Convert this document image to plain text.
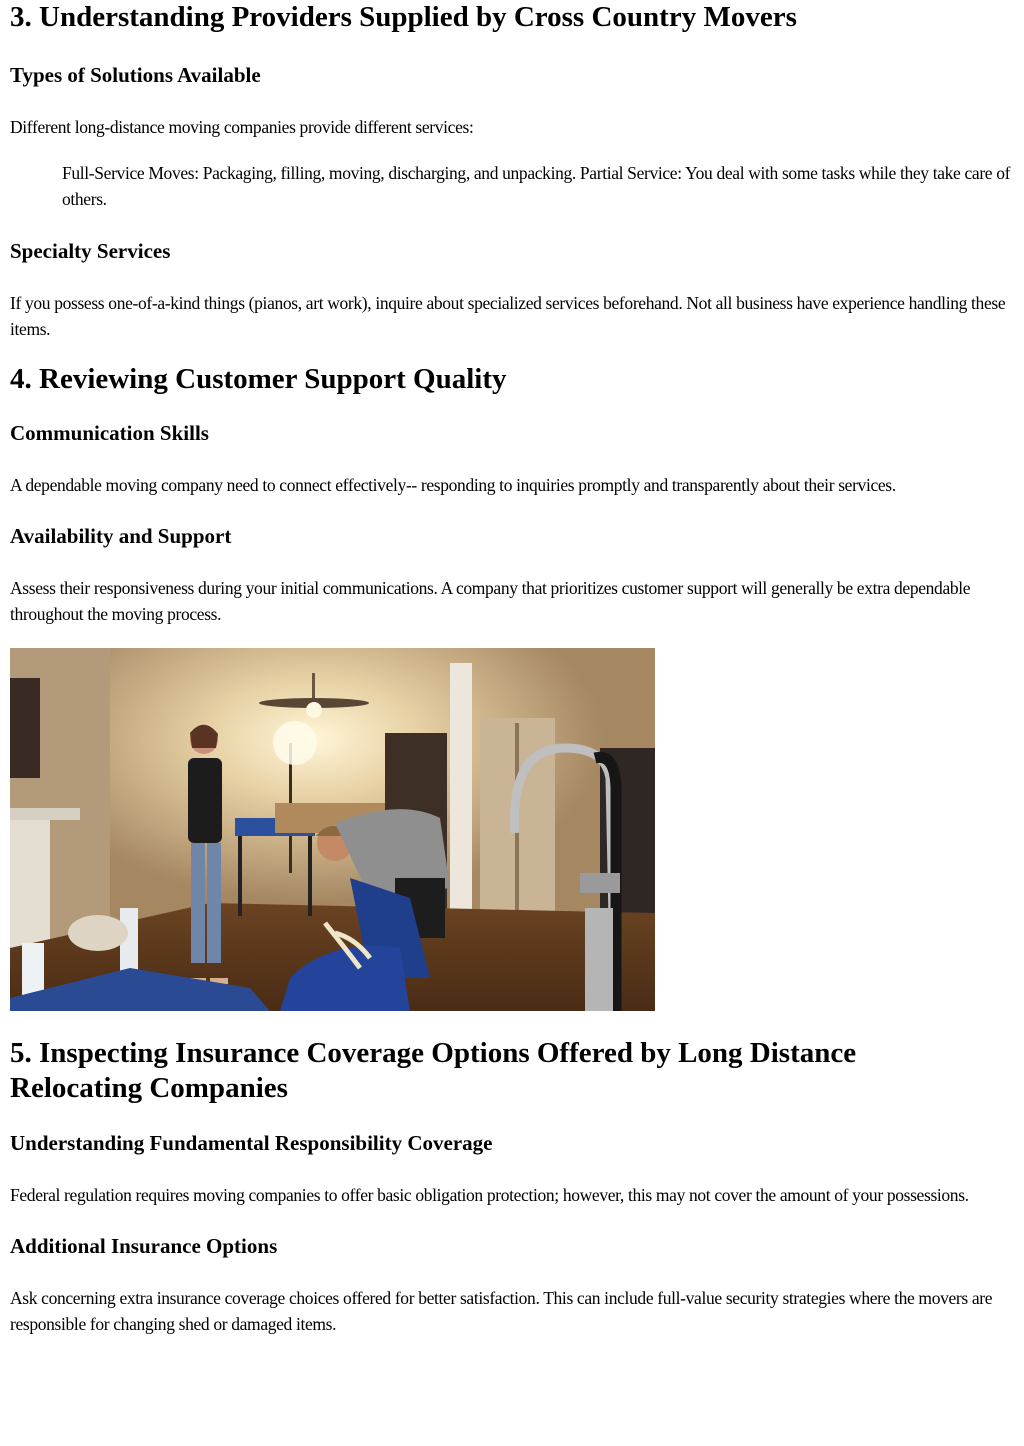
3. Understanding Providers Supplied by Cross Country Movers
Types of Solutions Available

Different long-distance moving companies provide different services:

Full-Service Moves: Packaging, filling, moving, discharging, and unpacking. Partial Service: You deal with some tasks while they take care of others.

Specialty Services

If you possess one-of-a-kind things (pianos, art work), inquire about specialized services beforehand. Not all business have experience handling these items.

4. Reviewing Customer Support Quality
Communication Skills

A dependable moving company need to connect effectively-- responding to inquiries promptly and transparently about their services.

Availability and Support

Assess their responsiveness during your initial communications. A company that prioritizes customer support will generally be extra dependable throughout the moving process.

5. Inspecting Insurance Coverage Options Offered by Long Distance
Relocating Companies
Understanding Fundamental Responsibility Coverage

Federal regulation requires moving companies to offer basic obligation protection; however, this may not cover the amount of your possessions.

Additional Insurance Options

Ask concerning extra insurance coverage choices offered for better satisfaction. This can include full-value security strategies where the movers are responsible for changing shed or damaged items.
